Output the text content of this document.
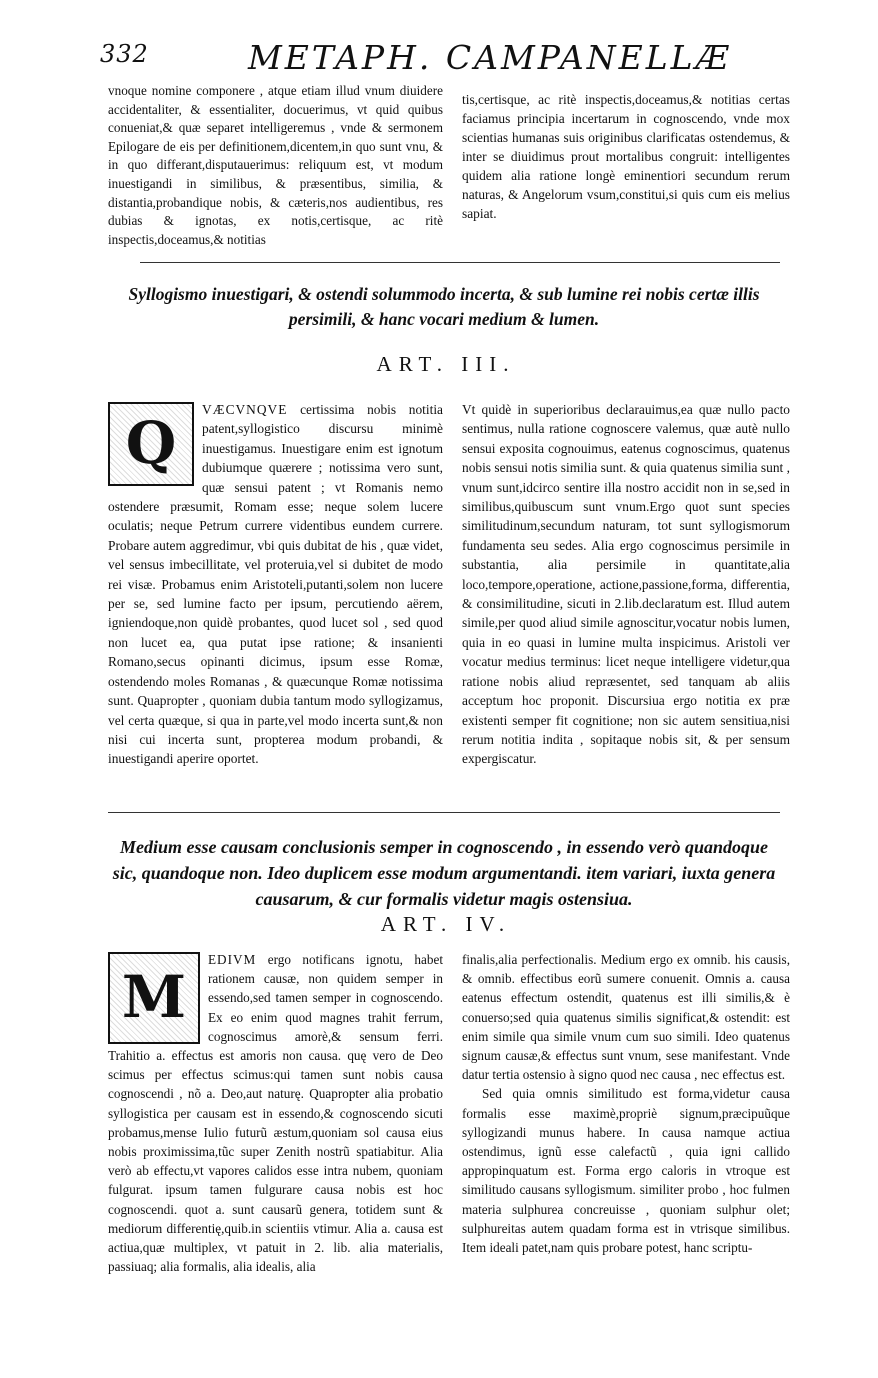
332	METAPH. CAMPANELLÆ

vnoque nomine componere , atque etiam illud vnum diuidere accidentaliter, & essentialiter, docuerimus, vt quid quibus conueniat,& quæ separet intelligeremus , vnde & sermonem Epilogare de eis per definitionem,dicentem,in quo sunt vnu, & in quo differant,disputauerimus: reliquum est, vt modum inuestigandi in similibus, & præsentibus, similia, & distantia,probandique nobis, & cæteris,nos audientibus, res dubias & ignotas, ex notis,certisque, ac ritè inspectis,doceamus,& notitias

tis,certisque, ac ritè inspectis,doceamus,& notitias certas faciamus principia incertarum in cognoscendo, vnde mox scientias humanas suis originibus clarificatas ostendemus, & inter se diuidimus prout mortalibus congruit: intelligentes quidem alia ratione longè eminentiori secundum rerum naturas, & Angelorum vsum,constitui,si quis cum eis melius sapiat.

Syllogismo inuestigari, & ostendi solummodo incerta, & sub lumine rei nobis certæ illis persimili, & hanc vocari medium & lumen.
ART. III.
Q	VÆCVNQVE certissima nobis notitia patent,syllogistico discursu minimè inuestigamus. Inuestigare enim est ignotum dubiumque quærere ; notissima vero sunt, quæ sensui patent ; vt Romanis nemo ostendere præsumit, Romam esse; neque solem lucere oculatis; neque Petrum currere videntibus eundem currere. Probare autem aggredimur, vbi quis dubitat de his , quæ videt, vel sensus imbecillitate, vel proteruia,vel si dubitet de modo rei visæ. Probamus enim Aristoteli,putanti,solem non lucere per se, sed lumine facto per ipsum, percutiendo aërem, igniendoque,non quidè probantes, quod lucet sol , sed quod non lucet ea, qua putat ipse ratione; & insanienti Romano,secus opinanti dicimus, ipsum esse Romæ, ostendendo moles Romanas , & quæcunque Romæ notissima sunt. Quapropter , quoniam dubia tantum modo syllogizamus, vel certa quæque, si qua in parte,vel modo incerta sunt,& non nisi cui incerta sunt, propterea modum probandi, & inuestigandi aperire oportet.

Vt quidè in superioribus declarauimus,ea quæ nullo pacto sentimus, nulla ratione cognoscere valemus, quæ autè nullo sensui exposita cognouimus, eatenus cognoscimus, quatenus nobis sensui notis similia sunt. & quia quatenus similia sunt , vnum sunt,idcirco sentire illa nostro accidit non in se,sed in similibus,quibuscum sunt vnum.Ergo quot sunt species similitudinum,secundum naturam, tot sunt syllogismorum fundamenta seu sedes. Alia ergo cognoscimus persimile in substantia, alia persimile in quantitate,alia loco,tempore,operatione, actione,passione,forma, differentia, & consimilitudine, sicuti in 2.lib.declaratum est. Illud autem simile,per quod aliud simile agnoscitur,vocatur nobis lumen, quia in eo quasi in lumine multa inspicimus. Aristoli ver vocatur medius terminus: licet neque intelligere videtur,qua ratione nobis aliud repræsentet, sed tanquam ab aliis acceptum hoc proponit. Discursiua ergo notitia ex præ existenti semper fit cognitione; non sic autem sensitiua,nisi rerum notitia indita , sopitaque nobis sit, & per sensum expergiscatur.

Medium esse causam conclusionis semper in cognoscendo , in essendo verò quandoque sic, quandoque non. Ideo duplicem esse modum argumentandi. item variari, iuxta genera causarum, & cur formalis videtur magis ostensiua.
ART. IV.
M

EDIVM ergo notificans ignotu, habet rationem causæ, non quidem semper in essendo,sed tamen semper in cognoscendo. Ex eo enim quod magnes trahit ferrum, cognoscimus amorè,& sensum ferri. Trahitio a. effectus est amoris non causa. quę vero de Deo scimus per effectus scimus:qui tamen sunt nobis causa cognoscendi , nõ a. Deo,aut naturę. Quapropter alia probatio syllogistica per causam est in essendo,& cognoscendo sicuti probamus,mense Iulio futurũ æstum,quoniam sol causa eius nobis proximissima,tũc super Zenith nostrũ spatiabitur. Alia verò ab effectu,vt vapores calidos esse intra nubem, quoniam fulgurat. ipsum tamen fulgurare causa nobis est hoc cognoscendi. quot a. sunt causarũ genera, totidem sunt & mediorum differentię,quib.in scientiis vtimur. Alia a. causa est actiua,quæ multiplex, vt patuit in 2. lib. alia materialis, passiuaq; alia formalis, alia idealis, alia

finalis,alia perfectionalis. Medium ergo ex omnib. his causis, & omnib. effectibus eorũ sumere conuenit. Omnis a. causa eatenus effectum ostendit, quatenus est illi similis,& è conuerso;sed quia quatenus similis significat,& ostendit: est enim simile qua simile vnum cum suo simili. Ideo quatenus signum causæ,& effectus sunt vnum, sese manifestant. Vnde datur tertia ostensio à signo quod nec causa , nec effectus est.

Sed quia omnis similitudo est forma,videtur causa formalis esse maximè,propriè signum,præcipuũque syllogizandi munus habere. In causa namque actiua ostendimus, ignũ esse calefactũ , quia igni callido appropinquatum est. Forma ergo caloris in vtroque est similitudo causans syllogismum. similiter probo , hoc fulmen materia sulphurea concreuisse , quoniam sulphur olet; sulphureitas autem quadam forma est in vtrisque similibus. Item ideali patet,nam quis probare potest, hanc scriptu-
